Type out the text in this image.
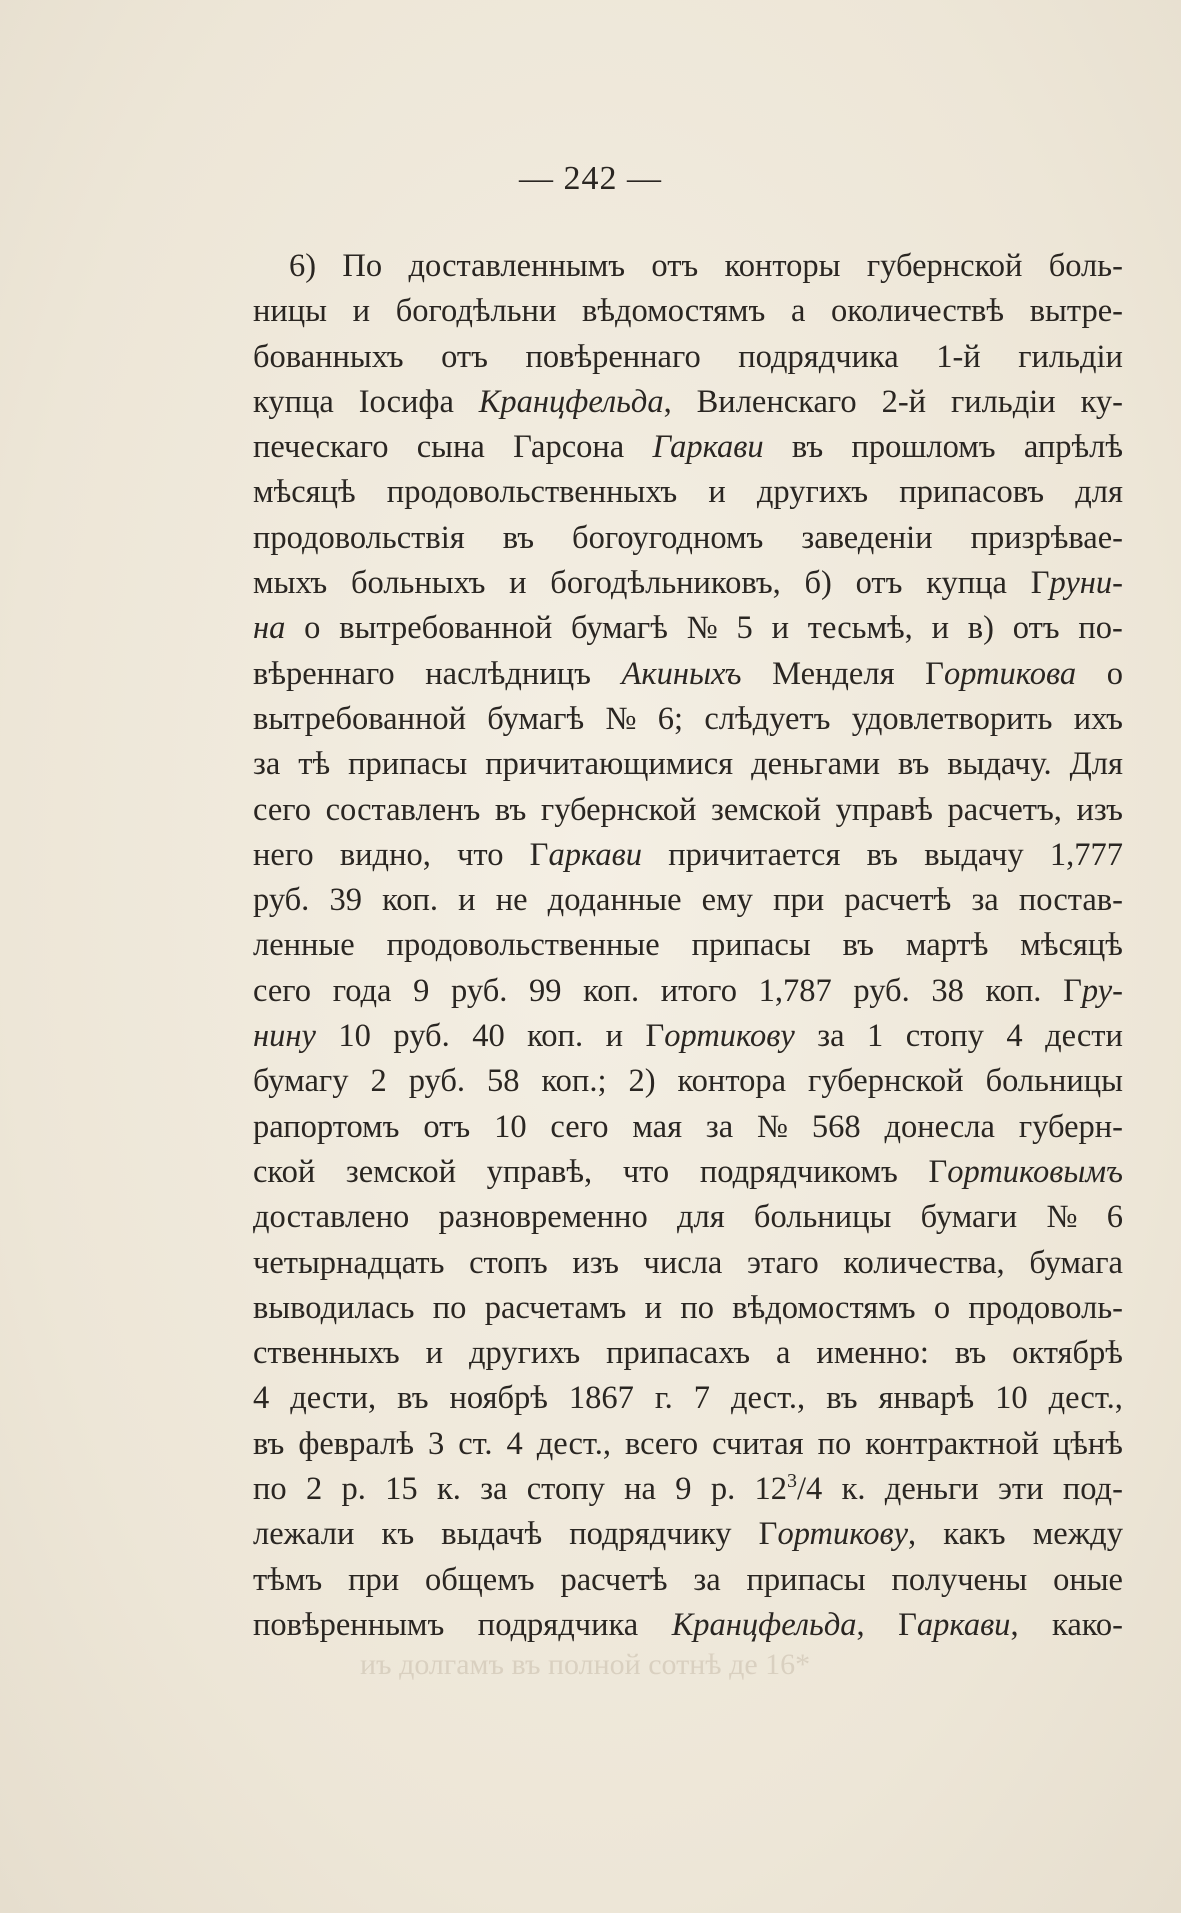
— 242 —
6) По доставленнымъ отъ конторы губернской боль-
ницы и богодѣльни вѣдомостямъ а околичествѣ вытре-
бованныхъ отъ повѣреннаго подрядчика 1-й гильдіи
купца Іосифа Кранцфельда, Виленскаго 2-й гильдіи ку-
печескаго сына Гарсона Гаркави въ прошломъ апрѣлѣ
мѣсяцѣ продовольственныхъ и другихъ припасовъ для
продовольствія въ богоугодномъ заведеніи призрѣвае-
мыхъ больныхъ и богодѣльниковъ, б) отъ купца Груни-
на о вытребованной бумагѣ № 5 и тесьмѣ, и в) отъ по-
вѣреннаго наслѣдницъ Акиныхъ Менделя Гортикова о
вытребованной бумагѣ № 6; слѣдуетъ удовлетворить ихъ
за тѣ припасы причитающимися деньгами въ выдачу. Для
сего составленъ въ губернской земской управѣ расчетъ, изъ
него видно, что Гаркави причитается въ выдачу 1,777
руб. 39 коп. и не доданные ему при расчетѣ за постав-
ленные продовольственные припасы въ мартѣ мѣсяцѣ
сего года 9 руб. 99 коп. итого 1,787 руб. 38 коп. Гру-
нину 10 руб. 40 коп. и Гортикову за 1 стопу 4 дести
бумагу 2 руб. 58 коп.; 2) контора губернской больницы
рапортомъ отъ 10 сего мая за № 568 донесла губерн-
ской земской управѣ, что подрядчикомъ Гортиковымъ
доставлено разновременно для больницы бумаги № 6
четырнадцать стопъ изъ числа этаго количества, бумага
выводилась по расчетамъ и по вѣдомостямъ о продоволь-
ственныхъ и другихъ припасахъ а именно: въ октябрѣ
4 дести, въ ноябрѣ 1867 г. 7 дест., въ январѣ 10 дест.,
въ февралѣ 3 ст. 4 дест., всего считая по контрактной цѣнѣ
по 2 р. 15 к. за стопу на 9 р. 123/4 к. деньги эти под-
лежали къ выдачѣ подрядчику Гортикову, какъ между
тѣмъ при общемъ расчетѣ за припасы получены оные
повѣреннымъ подрядчика Кранцфельда, Гаркави, како-
иъ долгамъ въ полной сотнѣ де 16*
